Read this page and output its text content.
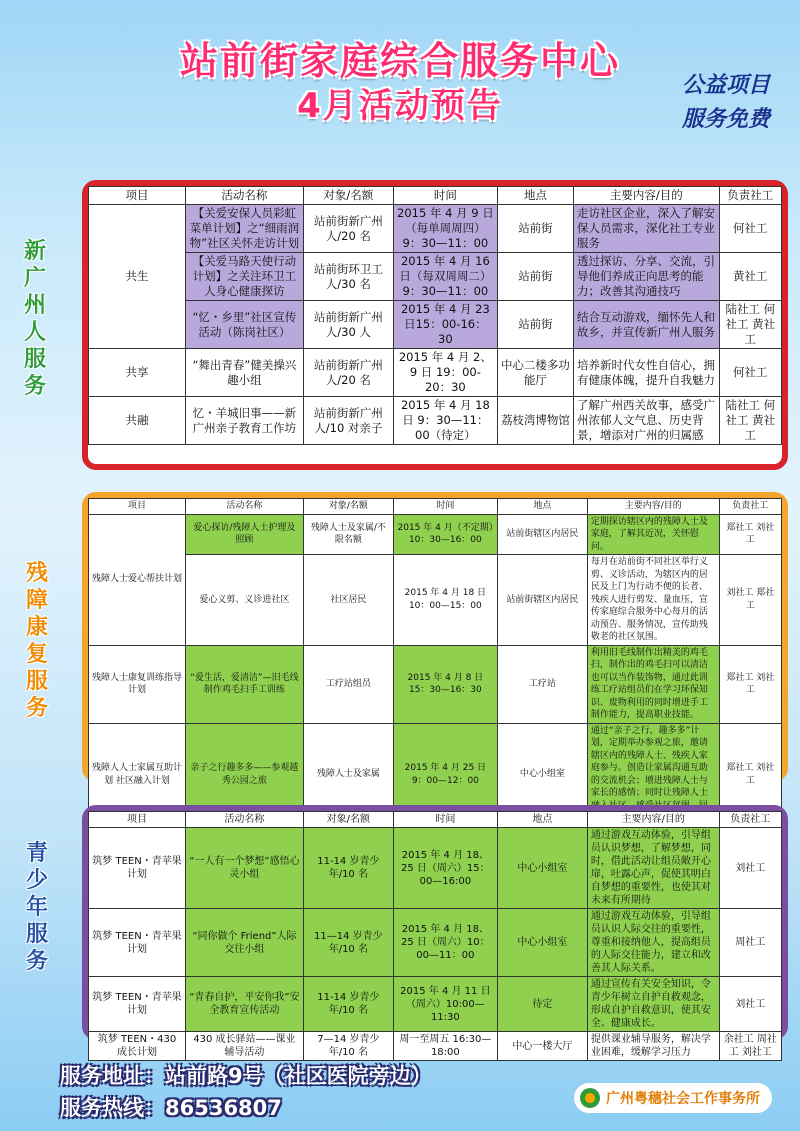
站前街家庭综合服务中心
4月活动预告
公益项目
服务免费
新广州人服务
残障康复服务
青少年服务
项目	活动名称	对象/名额	时间	地点	主要内容/目的	负责社工
共生	【关爱安保人员彩虹菜单计划】之“细雨润物”社区关怀走访计划	站前街新广州人/20 名	2015 年 4 月 9 日（每单周周四）9：30—11：00	站前街	走访社区企业，深入了解安保人员需求，深化社工专业服务	何社工
	【关爱马路天使行动计划】之关注环卫工人身心健康探访	站前街环卫工人/30 名	2015 年 4 月 16 日（每双周周二）9：30—11：00	站前街	透过探访、分享、交流，引导他们养成正向思考的能力；改善其沟通技巧	黄社工
	“忆・乡里”社区宣传活动（陈岗社区）	站前街新广州人/30 人	2015 年 4 月 23 日15：00-16：30	站前街	结合互动游戏，缅怀先人和故乡，并宣传新广州人服务	陆社工 何社工 黄社工
共享	“舞出青春”健美操兴趣小组	站前街新广州人/20 名	2015 年 4 月 2、9 日 19：00-20：30	中心二楼多功能厅	培养新时代女性自信心，拥有健康体魄，提升自我魅力	何社工
共融	忆・羊城旧事——新广州亲子教育工作坊	站前街新广州人/10 对亲子	2015 年 4 月 18 日 9：30—11：00（待定）	荔枝湾博物馆	了解广州西关故事，感受广州浓郁人文气息、历史背景，增添对广州的归属感	陆社工 何社工 黄社工
项目	活动名称	对象/名额	时间	地点	主要内容/目的	负责社工
残障人士爱心帮扶计划	爱心探访/残障人士护理及照顾	残障人士及家属/不限名额	2015 年 4 月（不定期）10：30—16：00	站前街辖区内居民	定期探访辖区内的残障人士及家庭，了解其近况，关怀慰问。	郑社工 刘社工
	爱心义剪、义诊进社区	社区居民	2015 年 4 月 18 日 10：00—15：00	站前街辖区内居民	每月在站前街不同社区举行义剪、义诊活动，为辖区内的居民及上门为行动不便的长者、残疾人进行剪发、量血压，宣传家庭综合服务中心每月的活动预告、服务情况，宣传助残敬老的社区氛围。	刘社工 郑社工
残障人士康复训练指导计划	“爱生活，爱清洁”—旧毛线制作鸡毛扫手工训练	工疗站组员	2015 年 4 月 8 日 15：30—16：30	工疗站	利用旧毛线制作出精美的鸡毛扫，制作出的鸡毛扫可以清洁也可以当作装饰物，通过此训练工疗站组员们在学习环保知识、废物利用的同时增进手工制作能力，提高职业技能。	郑社工 刘社工
残障人人士家属互助计划 社区融入计划	亲子之行趣多多——参观越秀公园之旅	残障人士及家属	2015 年 4 月 25 日 9：00—12：00	中心小组室	通过“亲子之行，趣多多”计划，定期举办参观之旅，邀请辖区内的残障人士、残疾人家庭参与。创造让家属沟通互助的交流机会；增进残障人士与家长的感情；同时让残障人士	郑社工 刘社工
项目	活动名称	对象/名额	时间	地点	主要内容/目的	负责社工
筑梦 TEEN・青苹果计划	“一人有一个梦想”感悟心灵小组	11-14 岁青少年/10 名	2015 年 4 月 18、25 日（周六）15：00—16:00	中心小组室	通过游戏互动体验，引导组员认识梦想，了解梦想，同时，借此活动让组员敞开心扉，吐露心声，促使其明白自梦想的重要性，也使其对未来有所期待	刘社工
筑梦 TEEN・青苹果计划	“同你做个 Friend”人际交往小组	11—14 岁青少年/10 名	2015 年 4 月 18、25 日（周六）10：00—11：00	中心小组室	通过游戏互动体验，引导组员认识人际交往的重要性，尊重和接纳他人，提高组员的人际交往能力，建立和改善其人际关系。	周社工
筑梦 TEEN・青苹果计划	“青春自护，平安你我”安全教育宣传活动	11-14 岁青少年/10 名	2015 年 4 月 11 日（周六）10:00—11:30	待定	通过宣传有关安全知识，令青少年树立自护自救观念，形成自护自救意识，使其安全、健康成长。	刘社工
筑梦 TEEN・430 成长计划	430 成长驿站——课业辅导活动	7—14 岁青少年/10 名	周一至周五 16:30—18:00	中心一楼大厅	提供课业辅导服务，解决学业困难，缓解学习压力	余社工 周社工 刘社工
服务地址：站前路9号（社区医院旁边）
服务热线：86536807	广州粤穗社会工作事务所
